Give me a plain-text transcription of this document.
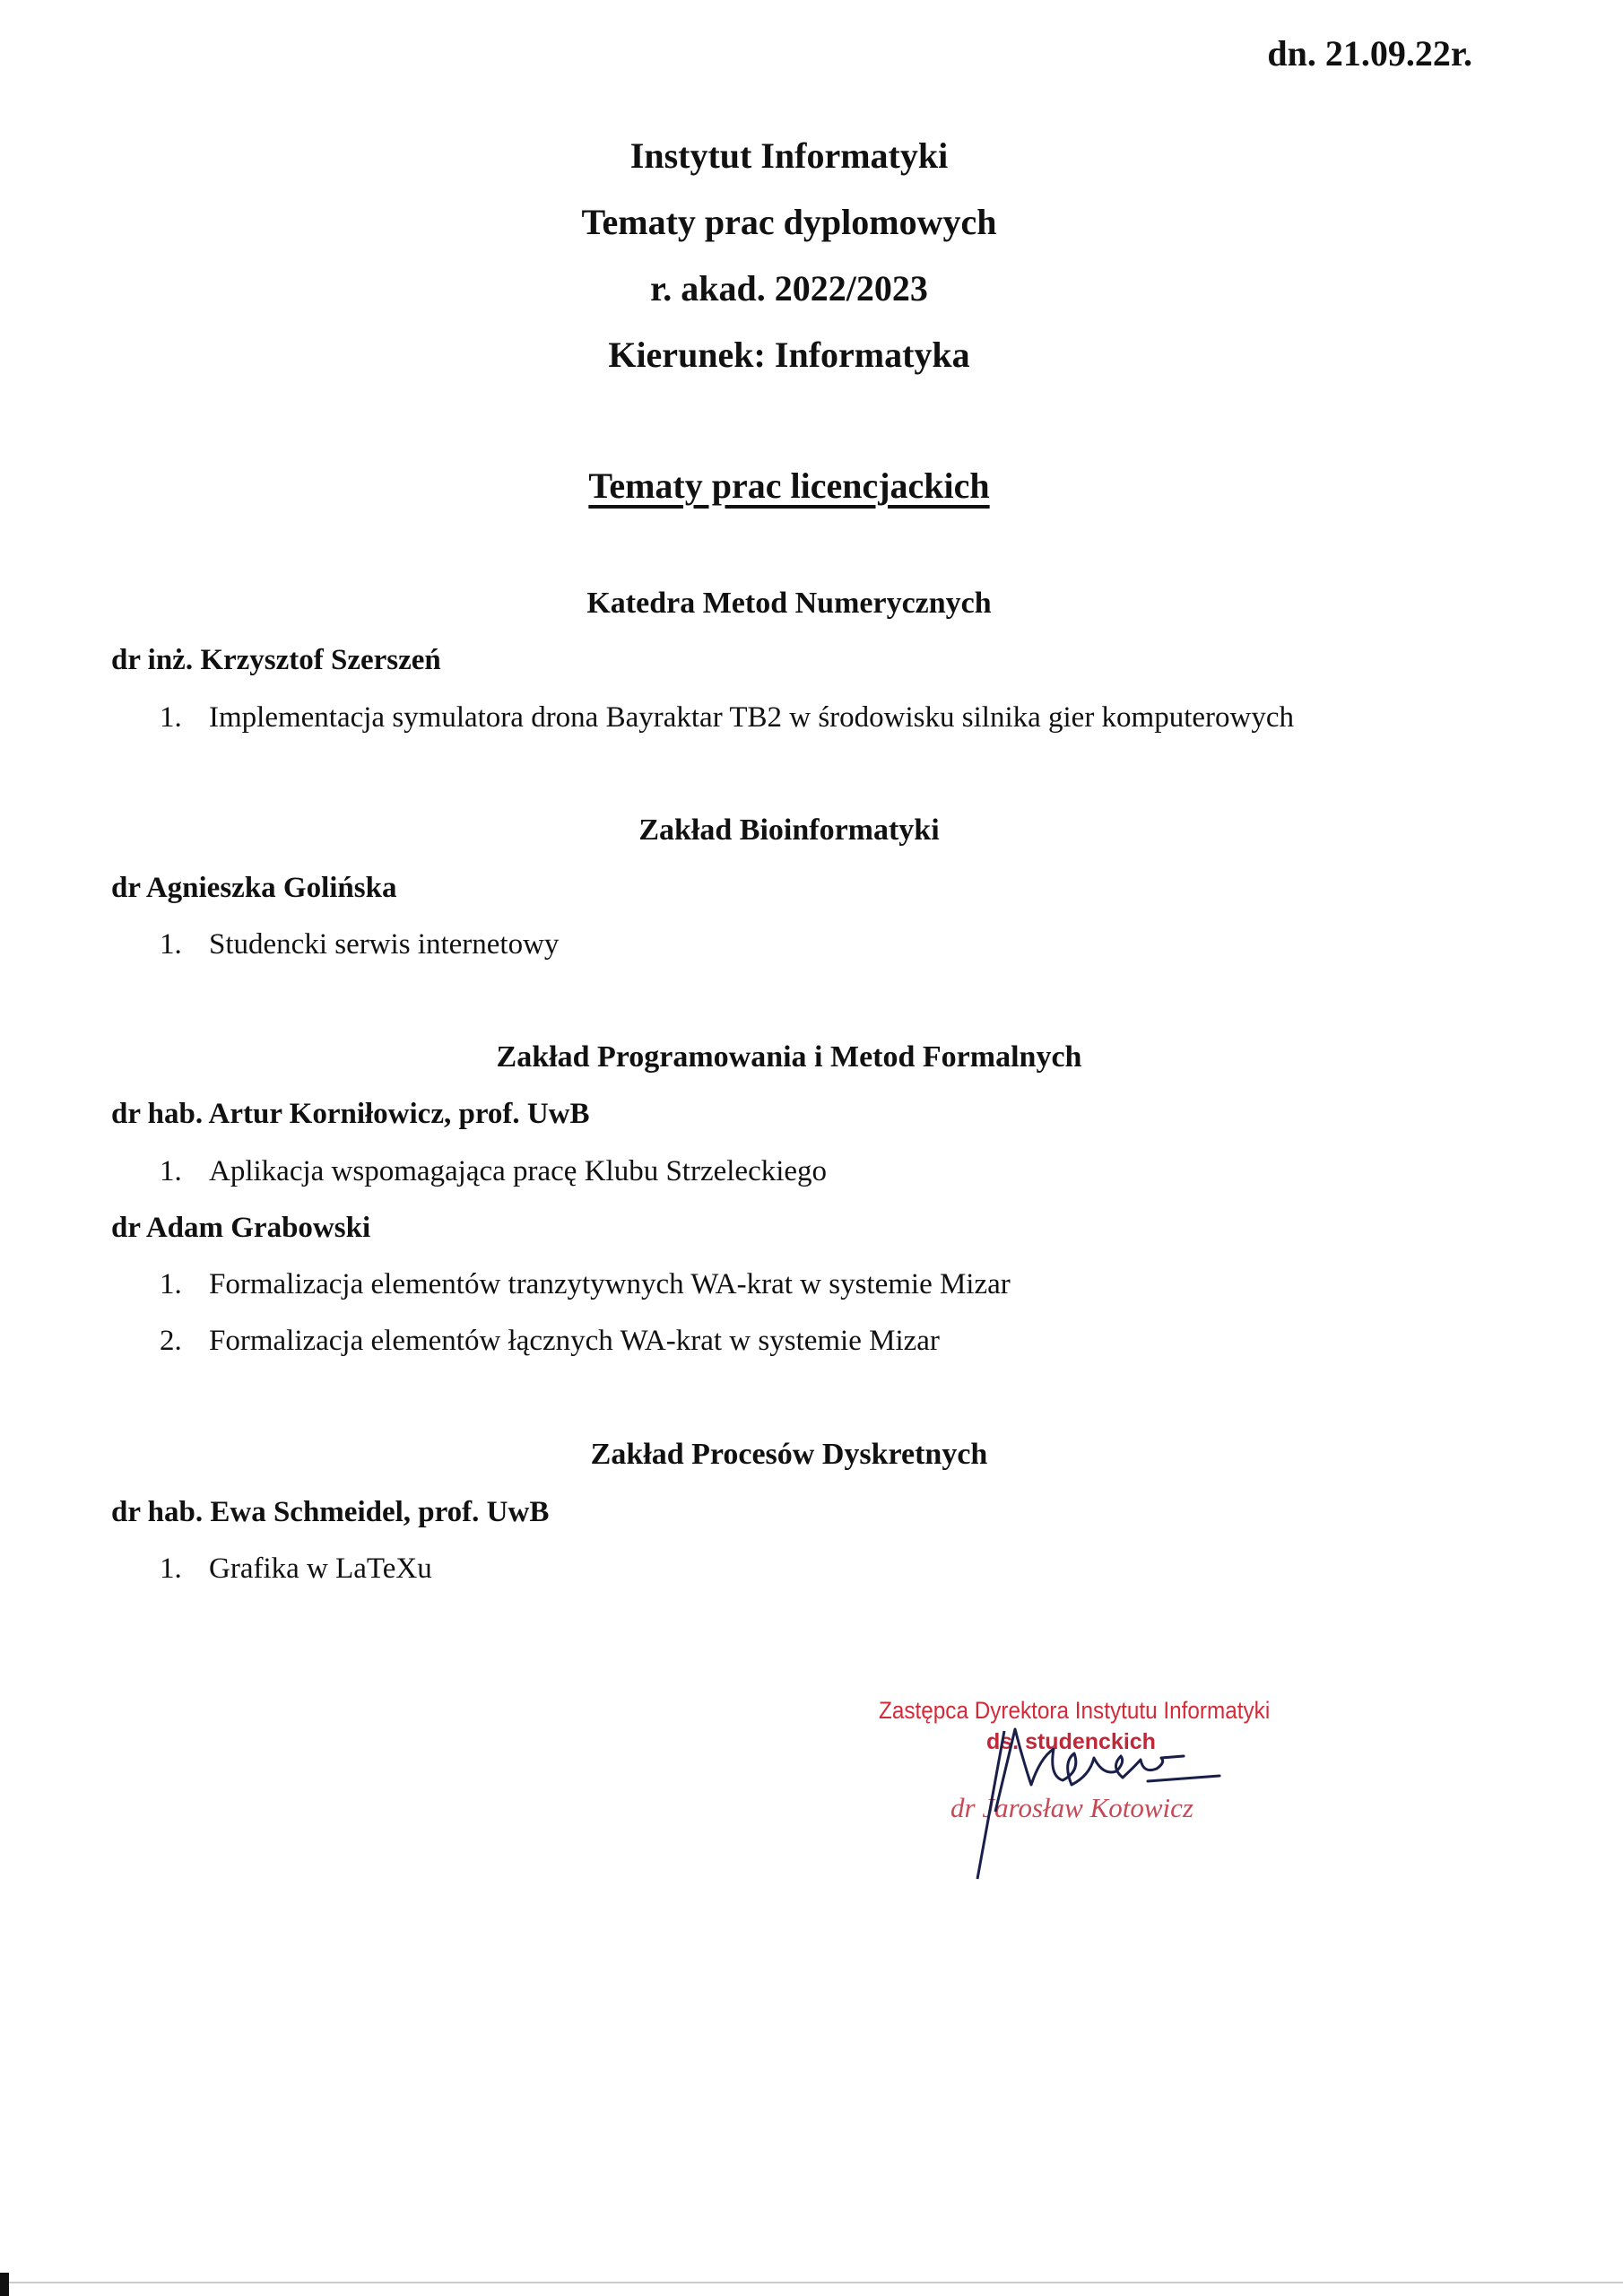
dn. 21.09.22r.
Instytut Informatyki
Tematy prac dyplomowych
r. akad. 2022/2023
Kierunek: Informatyka
Tematy prac licencjackich
Katedra Metod Numerycznych
dr inż. Krzysztof Szerszeń
1. Implementacja symulatora drona Bayraktar TB2 w środowisku silnika gier komputerowych
Zakład Bioinformatyki
dr Agnieszka Golińska
1. Studencki serwis internetowy
Zakład Programowania i Metod Formalnych
dr hab. Artur Korniłowicz, prof. UwB
1. Aplikacja wspomagająca pracę Klubu Strzeleckiego
dr Adam Grabowski
1. Formalizacja elementów tranzytywnych WA-krat w systemie Mizar
2. Formalizacja elementów łącznych WA-krat w systemie Mizar
Zakład Procesów Dyskretnych
dr hab. Ewa Schmeidel, prof. UwB
1. Grafika w LaTeXu
Zastępca Dyrektora Instytutu Informatyki
ds. studenckich
dr Jarosław Kotowicz
